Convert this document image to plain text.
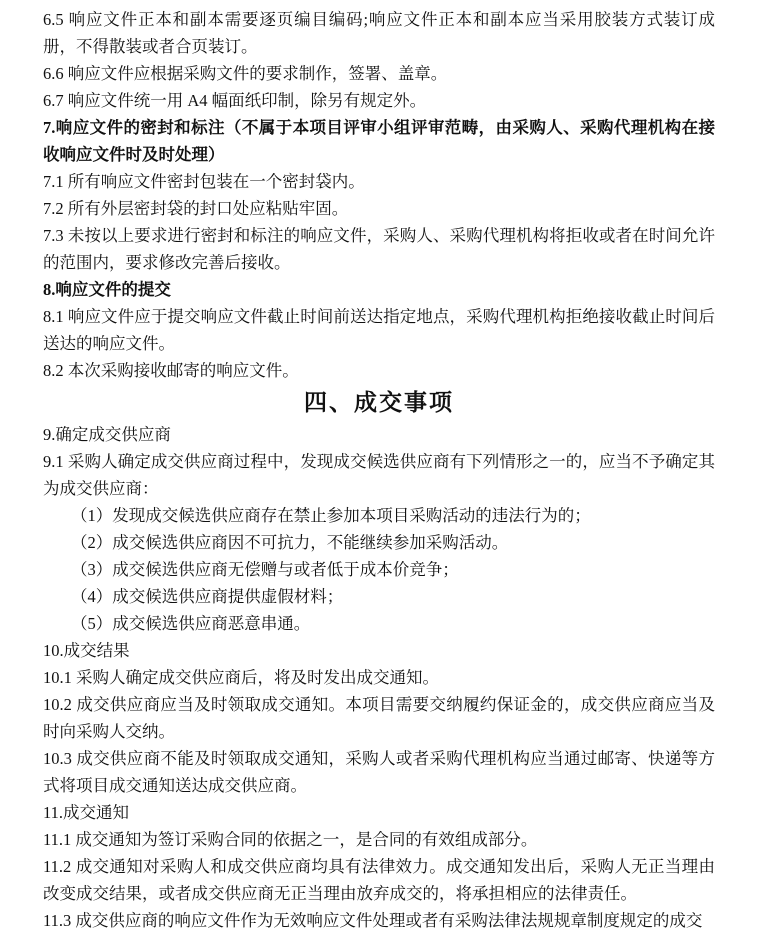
6.5 响应文件正本和副本需要逐页编目编码;响应文件正本和副本应当采用胶装方式装订成册，不得散装或者合页装订。

6.6 响应文件应根据采购文件的要求制作，签署、盖章。

6.7 响应文件统一用 A4 幅面纸印制，除另有规定外。

7.响应文件的密封和标注（不属于本项目评审小组评审范畴，由采购人、采购代理机构在接收响应文件时及时处理）

7.1 所有响应文件密封包装在一个密封袋内。

7.2 所有外层密封袋的封口处应粘贴牢固。

7.3 未按以上要求进行密封和标注的响应文件，采购人、采购代理机构将拒收或者在时间允许的范围内，要求修改完善后接收。

8.响应文件的提交

8.1 响应文件应于提交响应文件截止时间前送达指定地点，采购代理机构拒绝接收截止时间后送达的响应文件。

8.2 本次采购接收邮寄的响应文件。

四、成交事项

9.确定成交供应商

9.1 采购人确定成交供应商过程中，发现成交候选供应商有下列情形之一的，应当不予确定其为成交供应商：

（1）发现成交候选供应商存在禁止参加本项目采购活动的违法行为的；

（2）成交候选供应商因不可抗力，不能继续参加采购活动。

（3）成交候选供应商无偿赠与或者低于成本价竞争；

（4）成交候选供应商提供虚假材料；

（5）成交候选供应商恶意串通。

10.成交结果

10.1 采购人确定成交供应商后，将及时发出成交通知。

10.2 成交供应商应当及时领取成交通知。本项目需要交纳履约保证金的，成交供应商应当及时向采购人交纳。

10.3 成交供应商不能及时领取成交通知，采购人或者采购代理机构应当通过邮寄、快递等方式将项目成交通知送达成交供应商。

11.成交通知

11.1 成交通知为签订采购合同的依据之一，是合同的有效组成部分。

11.2 成交通知对采购人和成交供应商均具有法律效力。成交通知发出后，采购人无正当理由改变成交结果，或者成交供应商无正当理由放弃成交的，将承担相应的法律责任。

11.3 成交供应商的响应文件作为无效响应文件处理或者有采购法律法规规章制度规定的成交
